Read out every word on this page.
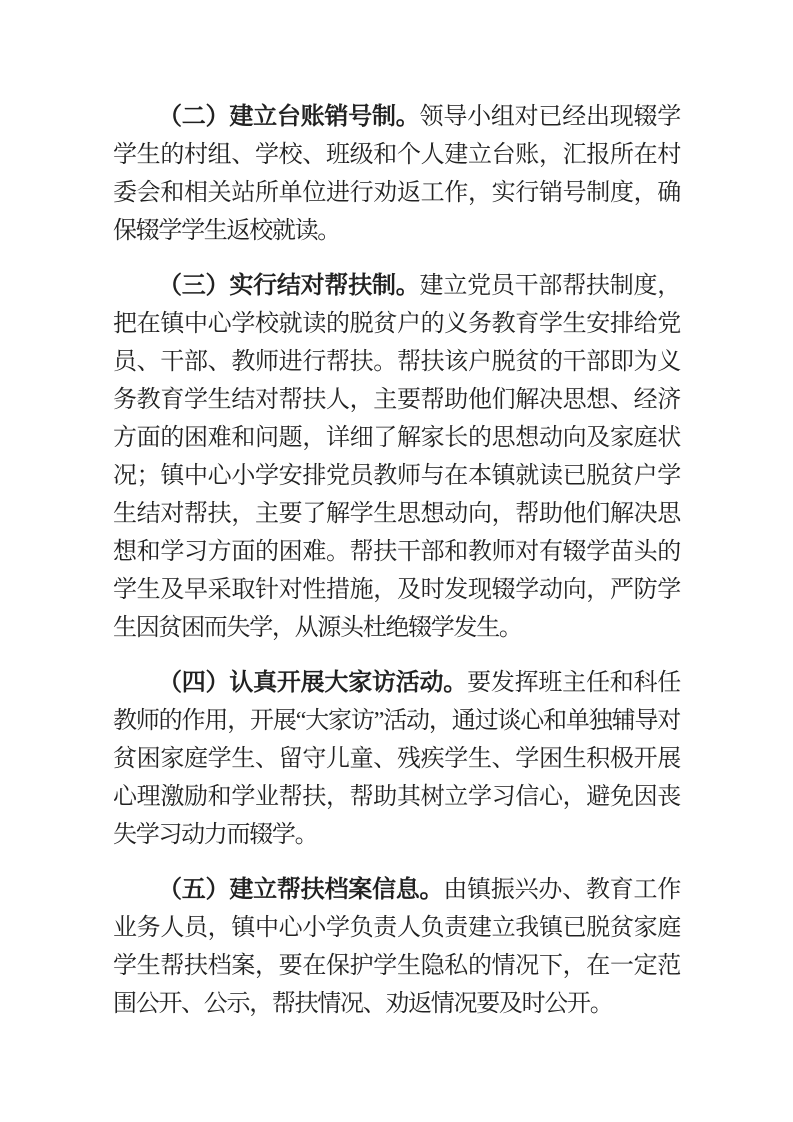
（二）建立台账销号制。领导小组对已经出现辍学学生的村组、学校、班级和个人建立台账，汇报所在村委会和相关站所单位进行劝返工作，实行销号制度，确保辍学学生返校就读。

（三）实行结对帮扶制。建立党员干部帮扶制度，把在镇中心学校就读的脱贫户的义务教育学生安排给党员、干部、教师进行帮扶。帮扶该户脱贫的干部即为义务教育学生结对帮扶人，主要帮助他们解决思想、经济方面的困难和问题，详细了解家长的思想动向及家庭状况；镇中心小学安排党员教师与在本镇就读已脱贫户学生结对帮扶，主要了解学生思想动向，帮助他们解决思想和学习方面的困难。帮扶干部和教师对有辍学苗头的学生及早采取针对性措施，及时发现辍学动向，严防学生因贫困而失学，从源头杜绝辍学发生。

（四）认真开展大家访活动。要发挥班主任和科任教师的作用，开展“大家访”活动，通过谈心和单独辅导对贫困家庭学生、留守儿童、残疾学生、学困生积极开展心理激励和学业帮扶，帮助其树立学习信心，避免因丧失学习动力而辍学。

（五）建立帮扶档案信息。由镇振兴办、教育工作业务人员，镇中心小学负责人负责建立我镇已脱贫家庭学生帮扶档案，要在保护学生隐私的情况下，在一定范围公开、公示，帮扶情况、劝返情况要及时公开。
